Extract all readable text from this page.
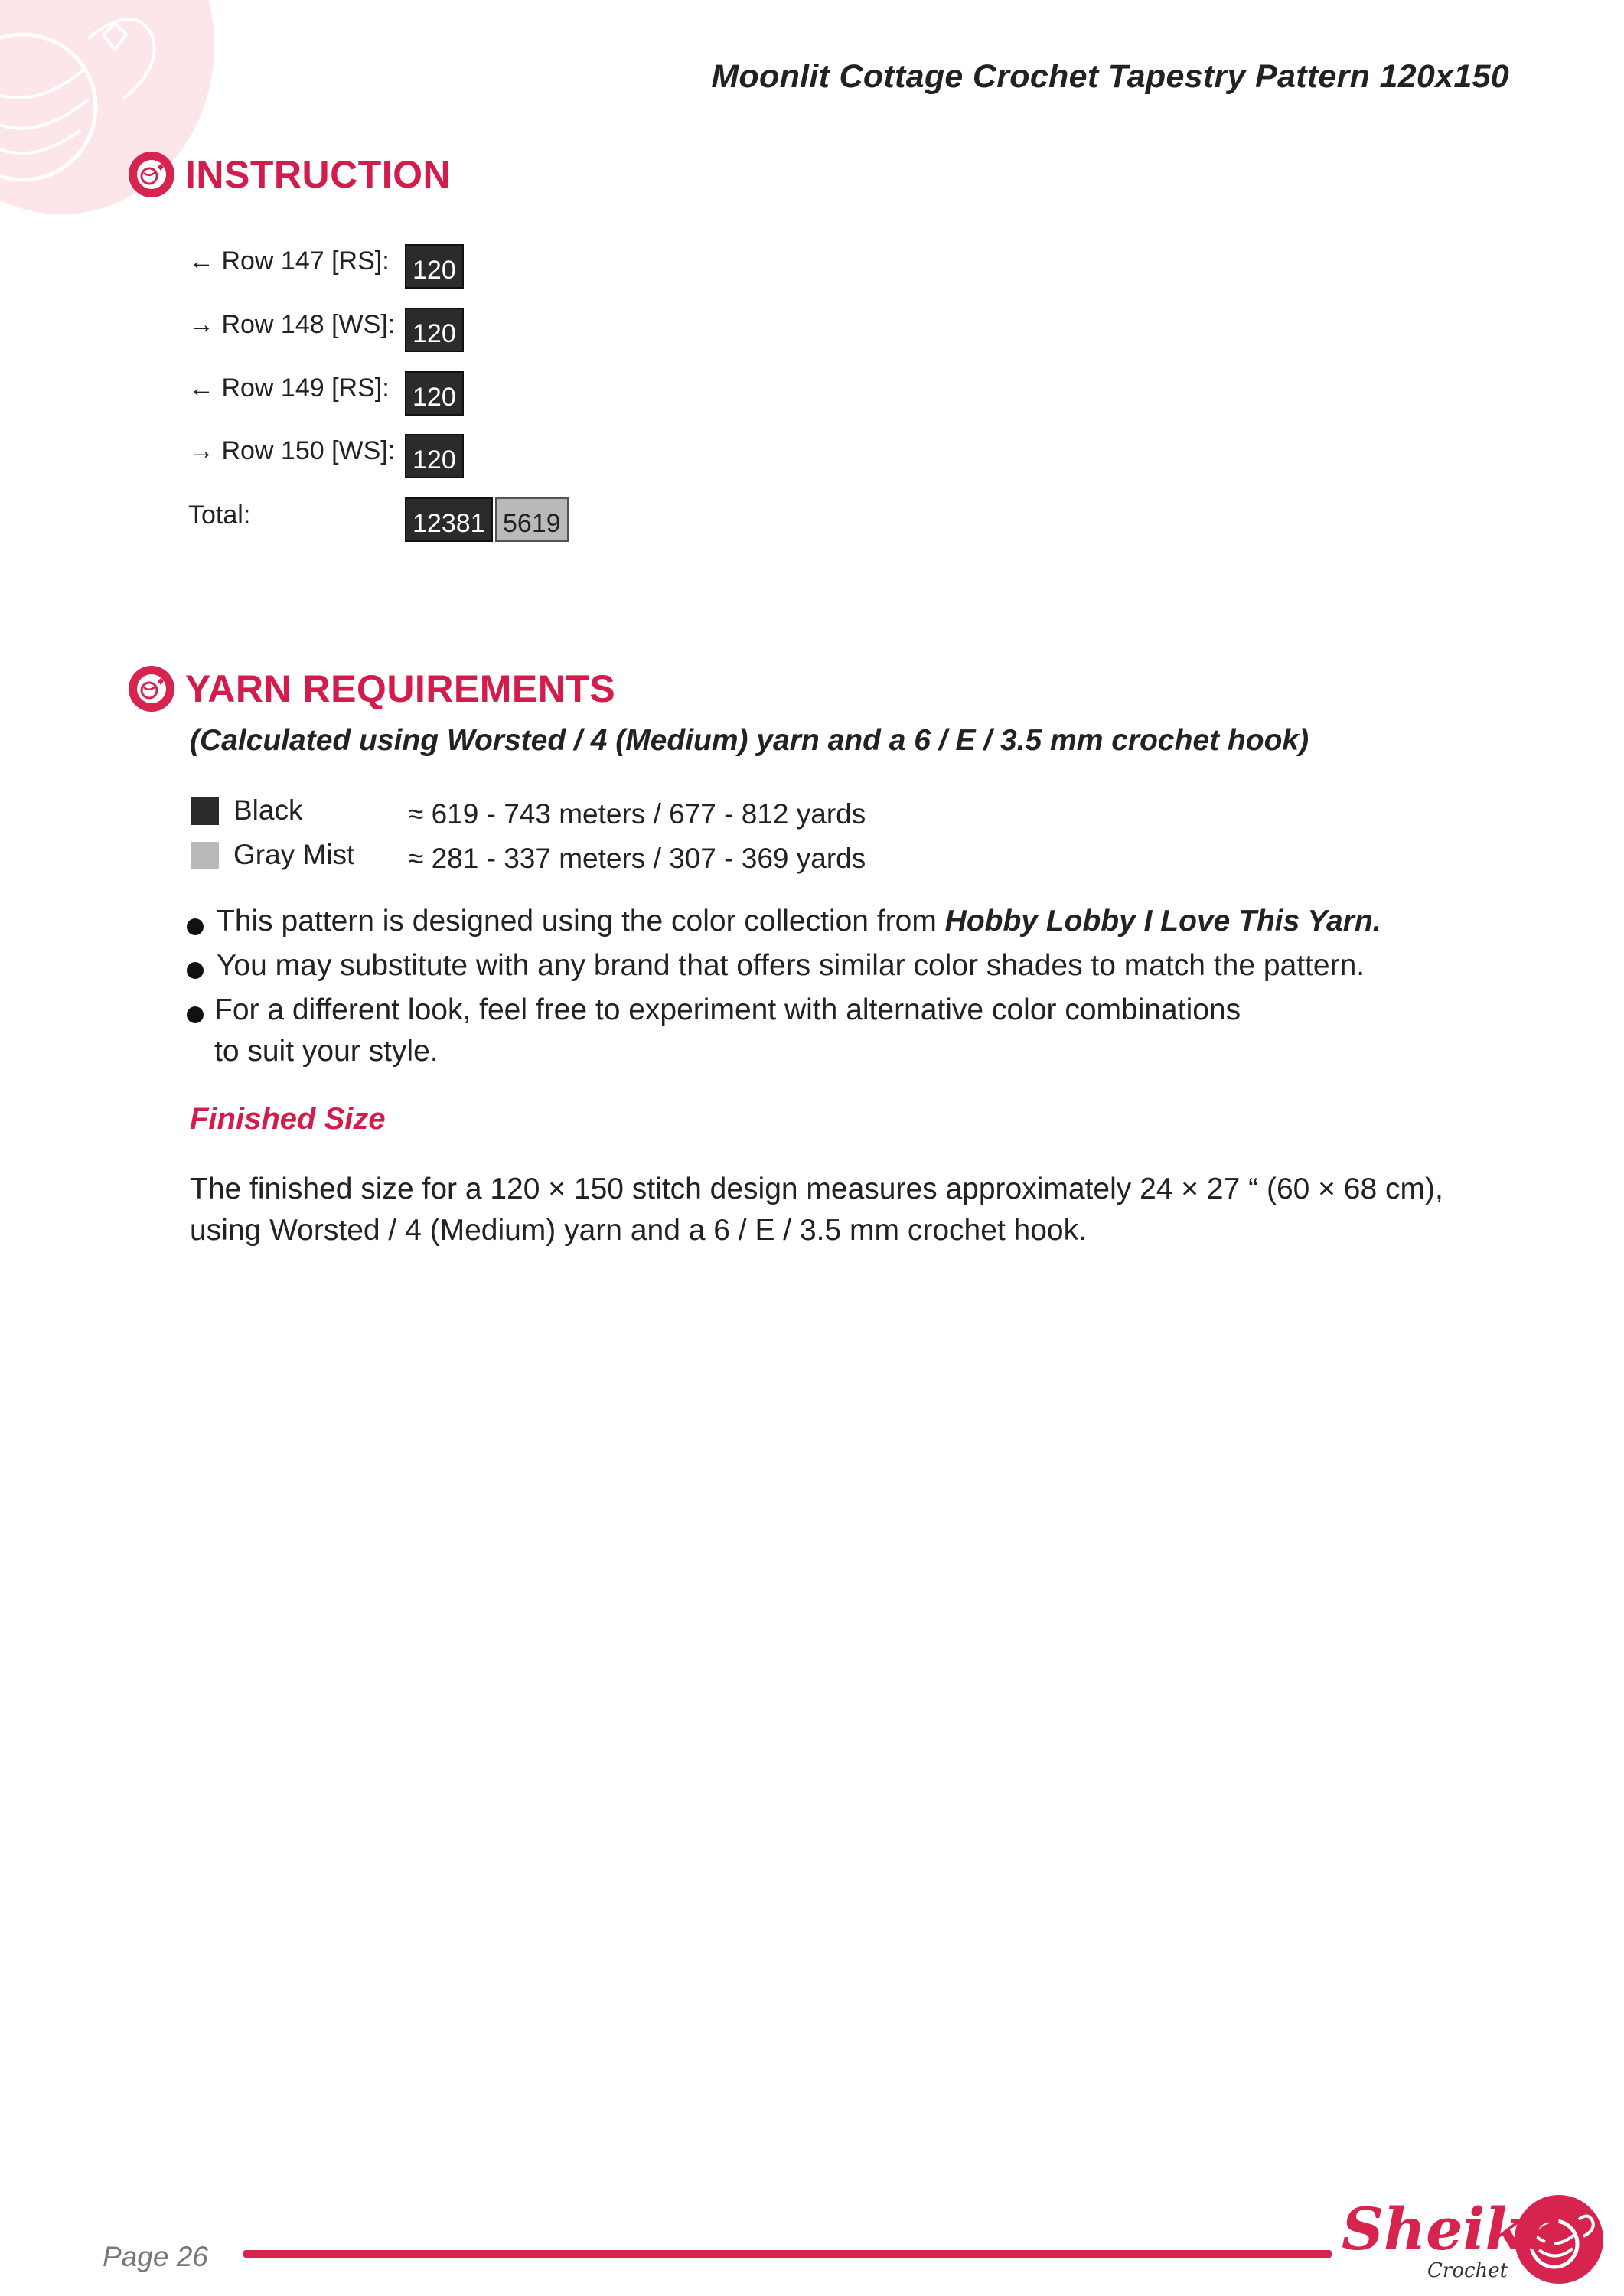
Moonlit Cottage Crochet Tapestry Pattern 120x150
INSTRUCTION
← Row 147 [RS]: 120
→ Row 148 [WS]: 120
← Row 149 [RS]: 120
→ Row 150 [WS]: 120
Total:	12381 5619
YARN REQUIREMENTS
(Calculated using Worsted / 4 (Medium) yarn and a 6 / E / 3.5 mm crochet hook)
Black	≈ 619 - 743 meters / 677 - 812 yards
Gray Mist ≈ 281 - 337 meters / 307 - 369 yards
This pattern is designed using the color collection from Hobby Lobby I Love This Yarn.
You may substitute with any brand that offers similar color shades to match the pattern.
For a different look, feel free to experiment with alternative color combinations
to suit your style.
Finished Size
The finished size for a 120 × 150 stitch design measures approximately 24 × 27 “ (60 × 68 cm),
using Worsted / 4 (Medium) yarn and a 6 / E / 3.5 mm crochet hook.
Page 26	Sheika
Crochet
